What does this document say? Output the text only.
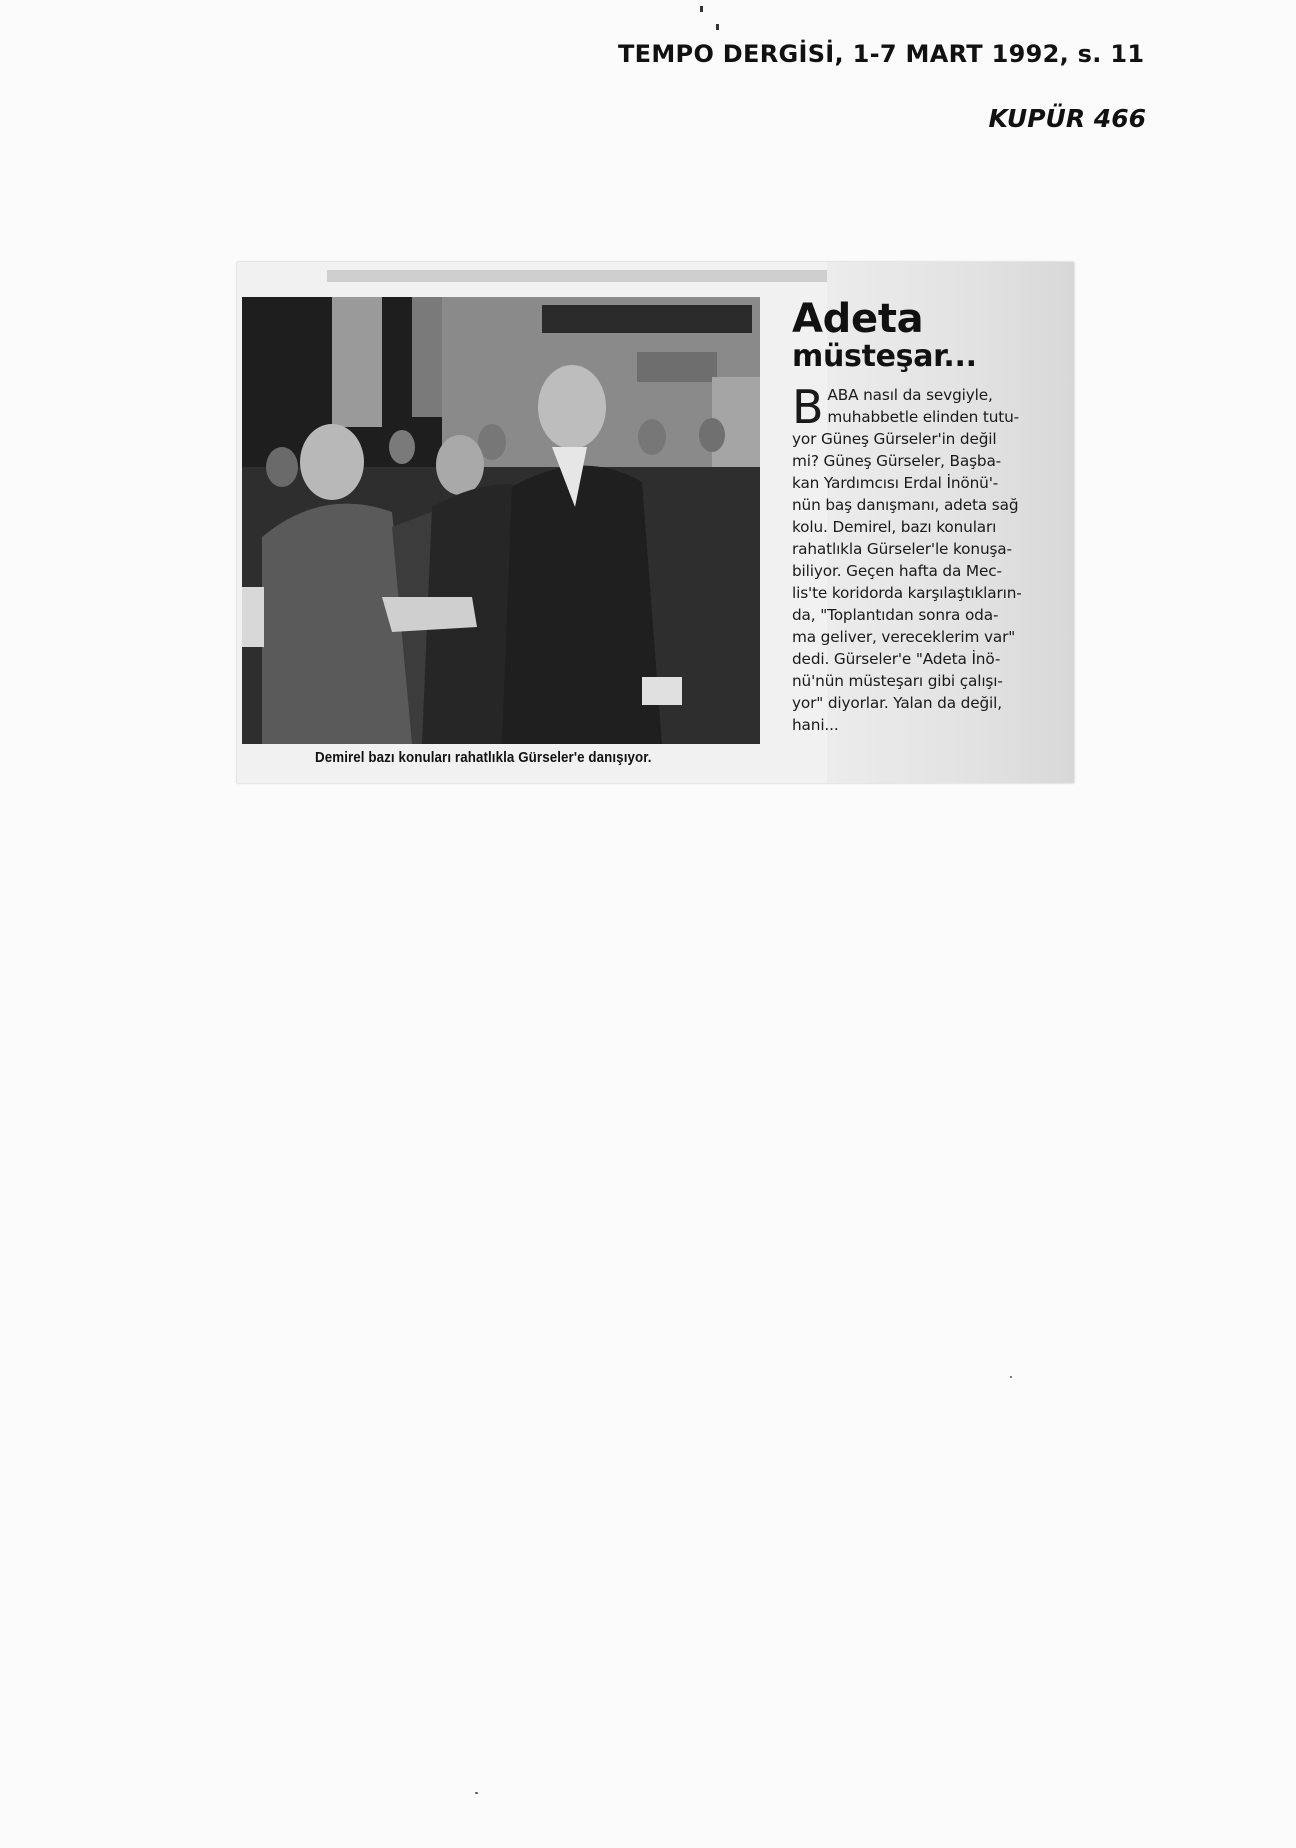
TEMPO DERGİSİ, 1-7 MART 1992, s. 11
KUPÜR 466
Demirel bazı konuları rahatlıkla Gürseler'e danışıyor.
Adeta
müsteşar...
B ABA nasıl da sevgiyle,
muhabbetle elinden tutu-
yor Güneş Gürseler'in değil
mi? Güneş Gürseler, Başba-
kan Yardımcısı Erdal İnönü'-
nün baş danışmanı, adeta sağ
kolu. Demirel, bazı konuları
rahatlıkla Gürseler'le konuşa-
biliyor. Geçen hafta da Mec-
lis'te koridorda karşılaştıkların-
da, "Toplantıdan sonra oda-
ma geliver, vereceklerim var"
dedi. Gürseler'e "Adeta İnö-
nü'nün müsteşarı gibi çalışı-
yor" diyorlar. Yalan da değil,
hani...
